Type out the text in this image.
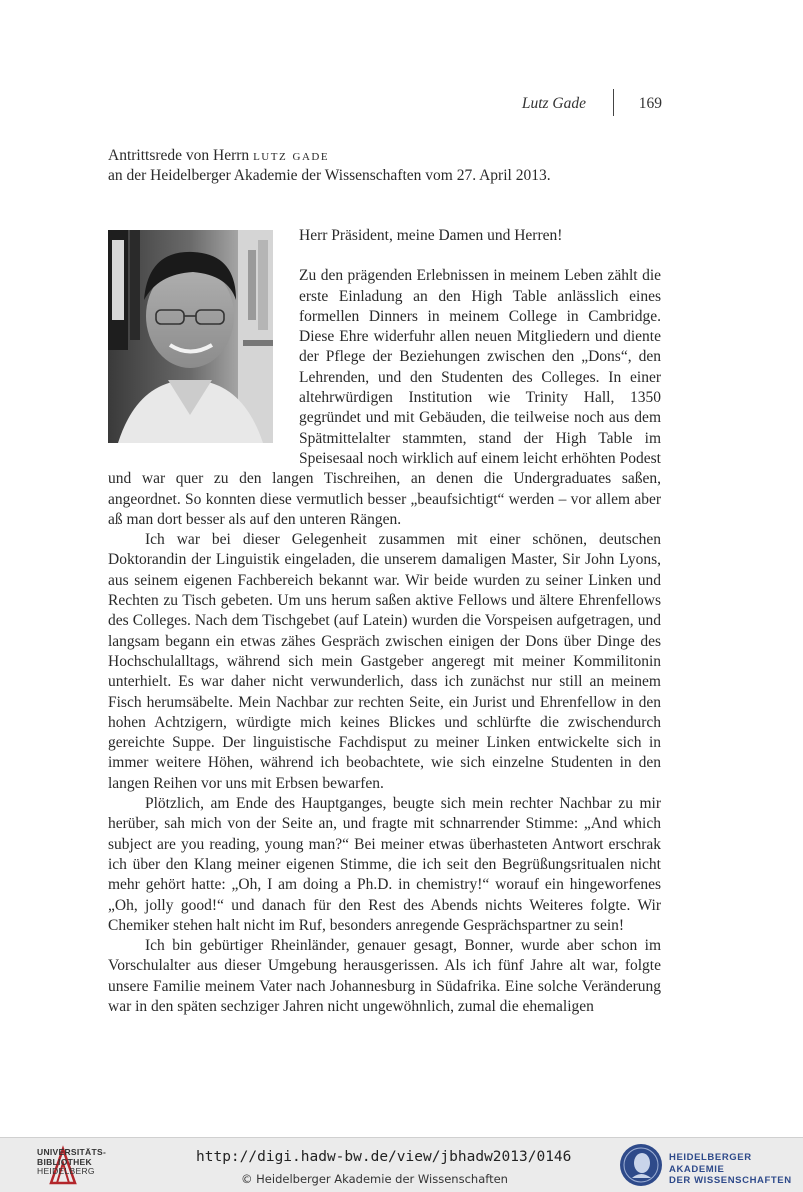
Lutz Gade	169
Antrittsrede von Herrn lutz gade
an der Heidelberger Akademie der Wissenschaften vom 27. April 2013.

Herr Präsident, meine Damen und Herren!

Zu den prägenden Erlebnissen in meinem Leben zählt die erste Einladung an den High Table anlässlich eines formellen Dinners in meinem College in Cambridge. Diese Ehre widerfuhr allen neuen Mitgliedern und diente der Pflege der Beziehungen zwischen den „Dons“, den Lehrenden, und den Studenten des Colleges. In einer altehrwürdigen Institution wie Trinity Hall, 1350 gegründet und mit Gebäuden, die teilweise noch aus dem Spätmittelalter stammten, stand der High Table im Speisesaal noch wirklich auf einem leicht erhöhten Podest und war quer zu den langen Tischreihen, an denen die Undergraduates saßen, angeordnet. So konnten diese vermutlich besser „beaufsichtigt“ werden – vor allem aber aß man dort besser als auf den unteren Rängen.

Ich war bei dieser Gelegenheit zusammen mit einer schönen, deutschen Doktorandin der Linguistik eingeladen, die unserem damaligen Master, Sir John Lyons, aus seinem eigenen Fachbereich bekannt war. Wir beide wurden zu seiner Linken und Rechten zu Tisch gebeten. Um uns herum saßen aktive Fellows und ältere Ehrenfellows des Colleges. Nach dem Tischgebet (auf Latein) wurden die Vorspeisen aufgetragen, und langsam begann ein etwas zähes Gespräch zwischen einigen der Dons über Dinge des Hochschulalltags, während sich mein Gastgeber angeregt mit meiner Kommilitonin unterhielt. Es war daher nicht verwunderlich, dass ich zunächst nur still an meinem Fisch herumsäbelte. Mein Nachbar zur rechten Seite, ein Jurist und Ehrenfellow in den hohen Achtzigern, würdigte mich keines Blickes und schlürfte die zwischendurch gereichte Suppe. Der linguistische Fachdisput zu meiner Linken entwickelte sich in immer weitere Höhen, während ich beobachtete, wie sich einzelne Studenten in den langen Reihen vor uns mit Erbsen bewarfen.

Plötzlich, am Ende des Hauptganges, beugte sich mein rechter Nachbar zu mir herüber, sah mich von der Seite an, und fragte mit schnarrender Stimme: „And which subject are you reading, young man?“ Bei meiner etwas überhasteten Antwort erschrak ich über den Klang meiner eigenen Stimme, die ich seit den Begrüßungsritualen nicht mehr gehört hatte: „Oh, I am doing a Ph.D. in chemistry!“ worauf ein hingeworfenes „Oh, jolly good!“ und danach für den Rest des Abends nichts Weiteres folgte. Wir Chemiker stehen halt nicht im Ruf, besonders anregende Gesprächspartner zu sein!

Ich bin gebürtiger Rheinländer, genauer gesagt, Bonner, wurde aber schon im Vorschulalter aus dieser Umgebung herausgerissen. Als ich fünf Jahre alt war, folgte unsere Familie meinem Vater nach Johannesburg in Südafrika. Eine solche Veränderung war in den späten sechziger Jahren nicht ungewöhnlich, zumal die ehemaligen

UNIVERSITÄTS-
BIBLIOTHEK
HEIDELBERG
http://digi.hadw-bw.de/view/jbhadw2013/0146
© Heidelberger Akademie der Wissenschaften
HEIDELBERGER AKADEMIE
DER WISSENSCHAFTEN
